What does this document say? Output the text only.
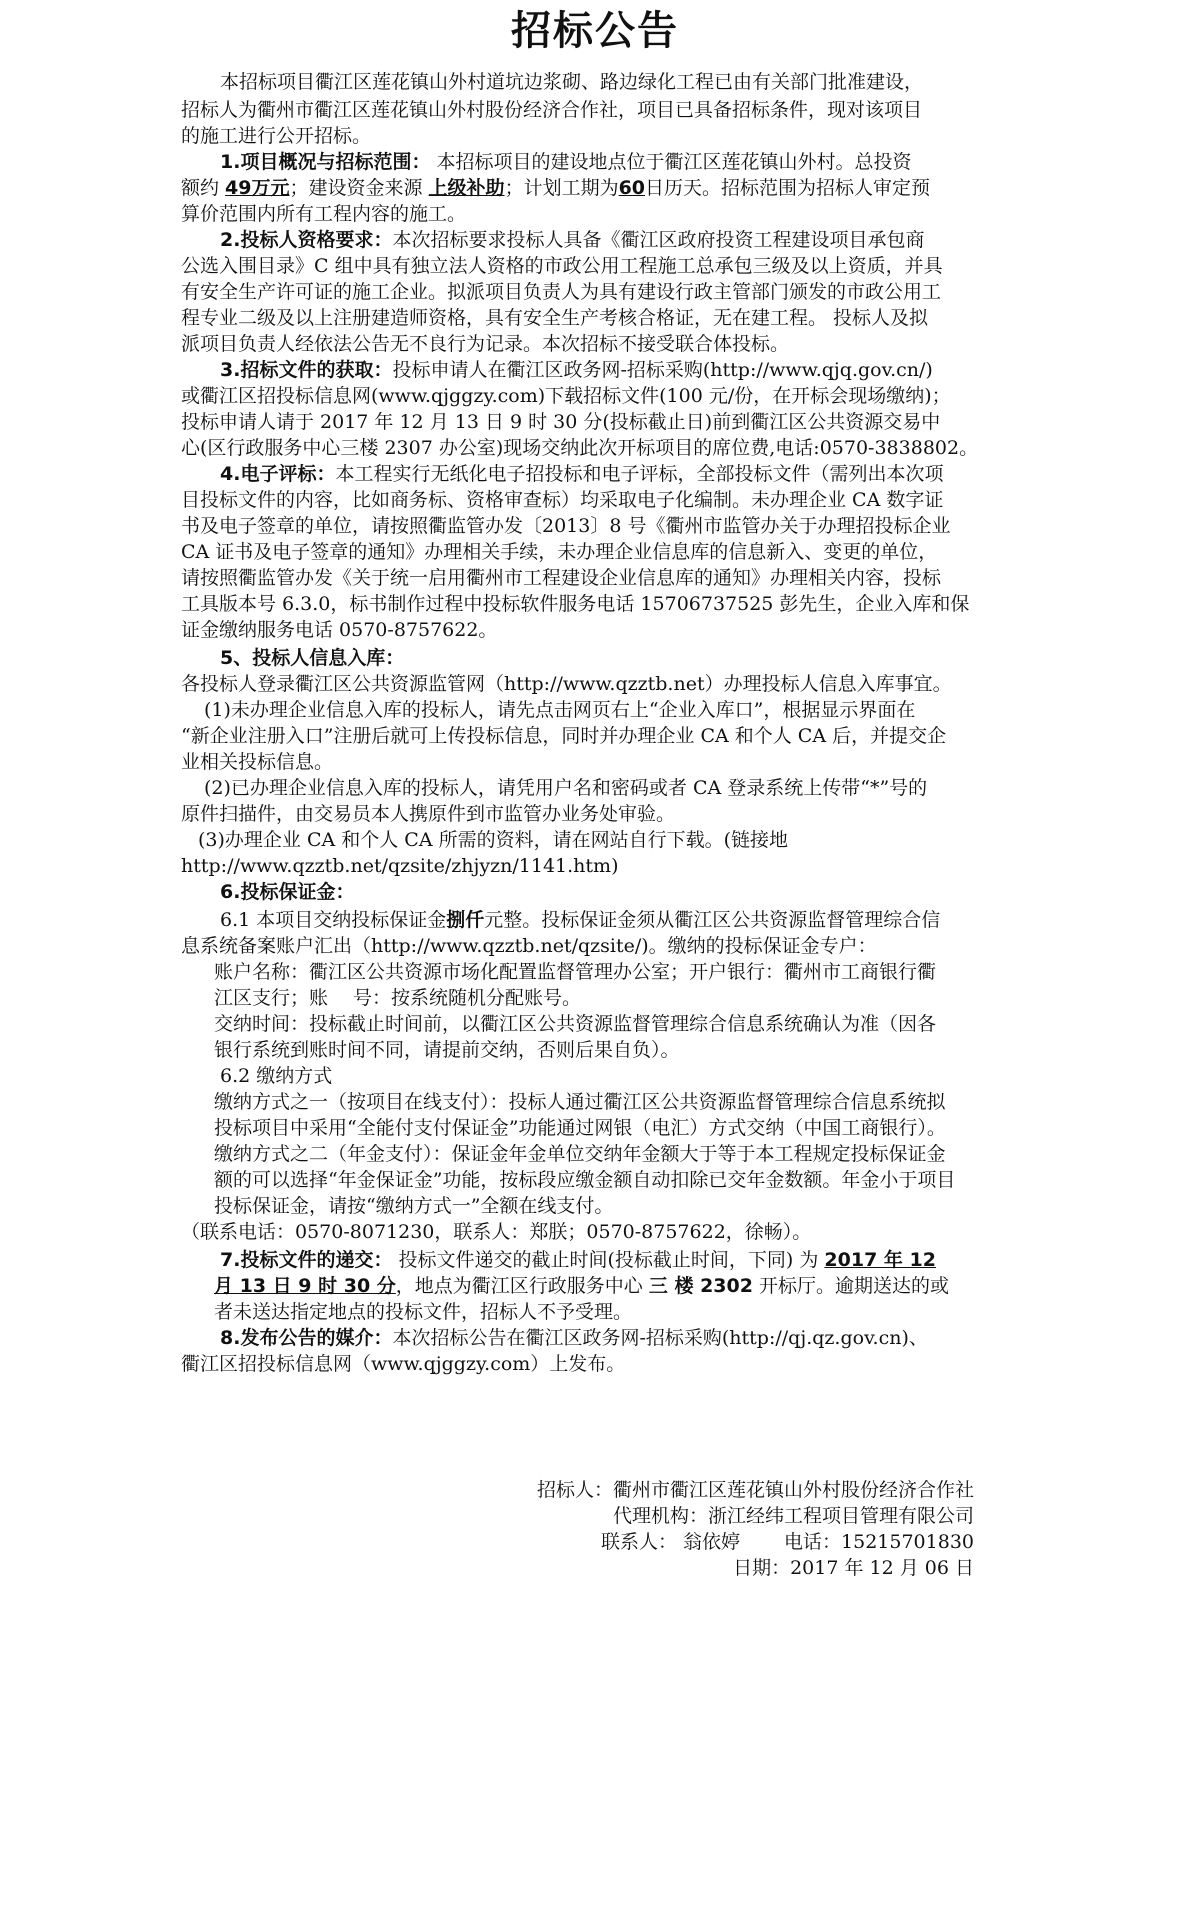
招标公告
本招标项目衢江区莲花镇山外村道坑边浆砌、路边绿化工程已由有关部门批准建设，
招标人为衢州市衢江区莲花镇山外村股份经济合作社，项目已具备招标条件，现对该项目
的施工进行公开招标。
1.项目概况与招标范围： 本招标项目的建设地点位于衢江区莲花镇山外村。总投资
额约 49万元；建设资金来源 上级补助；计划工期为60日历天。招标范围为招标人审定预
算价范围内所有工程内容的施工。
2.投标人资格要求：本次招标要求投标人具备《衢江区政府投资工程建设项目承包商
公选入围目录》C 组中具有独立法人资格的市政公用工程施工总承包三级及以上资质，并具
有安全生产许可证的施工企业。拟派项目负责人为具有建设行政主管部门颁发的市政公用工
程专业二级及以上注册建造师资格，具有安全生产考核合格证，无在建工程。 投标人及拟
派项目负责人经依法公告无不良行为记录。本次招标不接受联合体投标。
3.招标文件的获取：投标申请人在衢江区政务网-招标采购(http://www.qjq.gov.cn/)
或衢江区招投标信息网(www.qjggzy.com)下载招标文件(100 元/份，在开标会现场缴纳)；
投标申请人请于 2017 年 12 月 13 日 9 时 30 分(投标截止日)前到衢江区公共资源交易中
心(区行政服务中心三楼 2307 办公室)现场交纳此次开标项目的席位费,电话:0570-3838802。
4.电子评标：本工程实行无纸化电子招投标和电子评标，全部投标文件（需列出本次项
目投标文件的内容，比如商务标、资格审查标）均采取电子化编制。未办理企业 CA 数字证
书及电子签章的单位，请按照衢监管办发〔2013〕8 号《衢州市监管办关于办理招投标企业
CA 证书及电子签章的通知》办理相关手续，未办理企业信息库的信息新入、变更的单位，
请按照衢监管办发《关于统一启用衢州市工程建设企业信息库的通知》办理相关内容，投标
工具版本号 6.3.0，标书制作过程中投标软件服务电话 15706737525 彭先生，企业入库和保
证金缴纳服务电话 0570-8757622。
5、投标人信息入库：
各投标人登录衢江区公共资源监管网（http://www.qzztb.net）办理投标人信息入库事宜。
(1)未办理企业信息入库的投标人，请先点击网页右上“企业入库口”，根据显示界面在
“新企业注册入口”注册后就可上传投标信息，同时并办理企业 CA 和个人 CA 后，并提交企
业相关投标信息。
(2)已办理企业信息入库的投标人，请凭用户名和密码或者 CA 登录系统上传带“*”号的
原件扫描件，由交易员本人携原件到市监管办业务处审验。
(3)办理企业 CA 和个人 CA 所需的资料，请在网站自行下载。(链接地
http://www.qzztb.net/qzsite/zhjyzn/1141.htm)
6.投标保证金：
6.1 本项目交纳投标保证金捌仟元整。投标保证金须从衢江区公共资源监督管理综合信
息系统备案账户汇出（http://www.qzztb.net/qzsite/)。缴纳的投标保证金专户：
账户名称：衢江区公共资源市场化配置监督管理办公室；开户银行：衢州市工商银行衢
江区支行；账　 号：按系统随机分配账号。
交纳时间：投标截止时间前，以衢江区公共资源监督管理综合信息系统确认为准（因各
银行系统到账时间不同，请提前交纳，否则后果自负）。
6.2 缴纳方式
缴纳方式之一（按项目在线支付）：投标人通过衢江区公共资源监督管理综合信息系统拟
投标项目中采用“全能付支付保证金”功能通过网银（电汇）方式交纳（中国工商银行）。
缴纳方式之二（年金支付）：保证金年金单位交纳年金额大于等于本工程规定投标保证金
额的可以选择“年金保证金”功能，按标段应缴金额自动扣除已交年金数额。年金小于项目
投标保证金，请按“缴纳方式一”全额在线支付。
（联系电话：0570-8071230，联系人：郑朕；0570-8757622，徐畅）。
7.投标文件的递交： 投标文件递交的截止时间(投标截止时间，下同) 为 2017 年 12
月 13 日 9 时 30 分，地点为衢江区行政服务中心 三 楼 2302 开标厅。逾期送达的或
者未送达指定地点的投标文件，招标人不予受理。
8.发布公告的媒介：本次招标公告在衢江区政务网-招标采购(http://qj.qz.gov.cn)、
衢江区招投标信息网（www.qjggzy.com）上发布。
招标人：衢州市衢江区莲花镇山外村股份经济合作社
代理机构：浙江经纬工程项目管理有限公司
联系人： 翁依婷　　 电话：15215701830
日期：2017 年 12 月 06 日
